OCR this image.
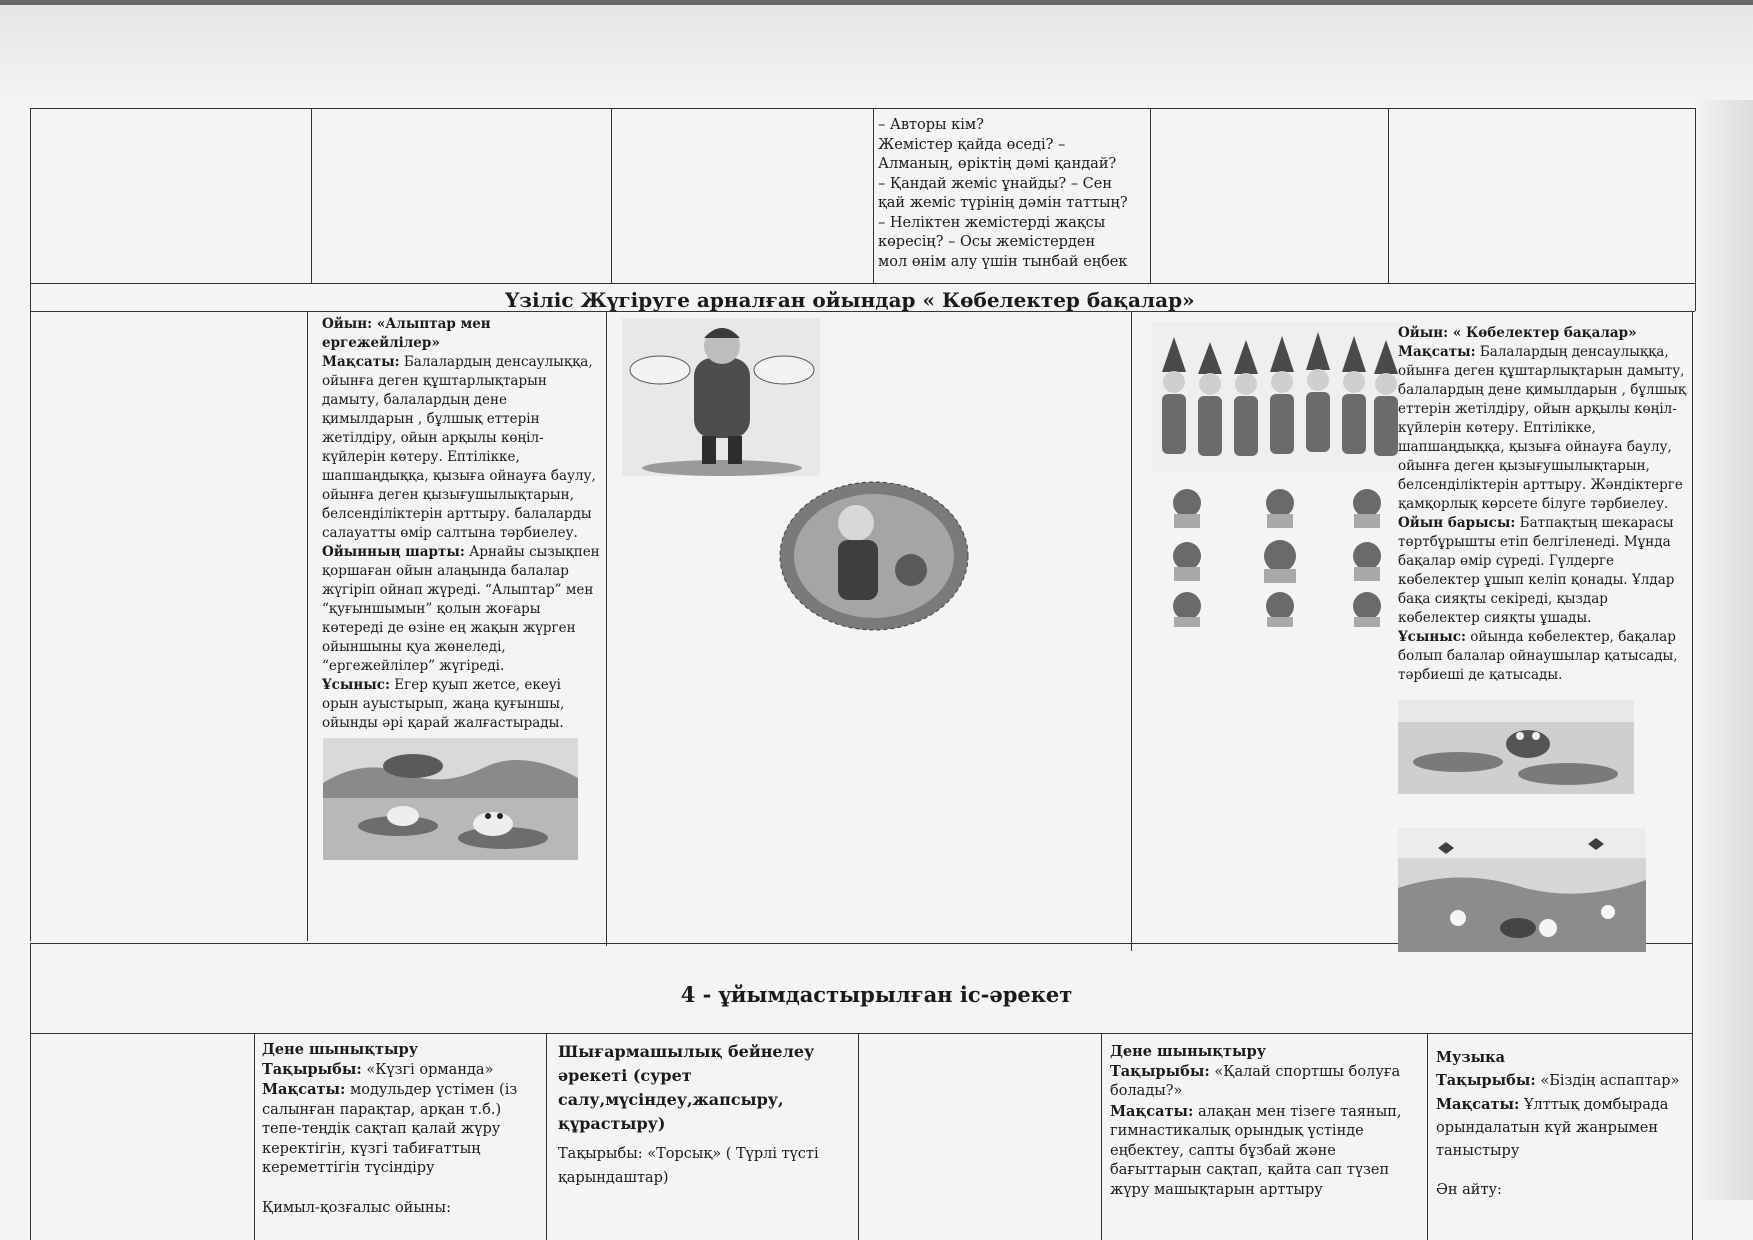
– Авторы кім?
Жемістер қайда өседі? –
Алманың, өріктің дәмі қандай?
– Қандай жеміс ұнайды? – Сен
қай жеміс түрінің дәмін таттың?
– Неліктен жемістерді жақсы
көресің? – Осы жемістерден
мол өнім алу үшін тынбай еңбек
Үзіліс Жүгіруге арналған ойындар « Көбелектер бақалар»

Ойын: «Алыптар мен ергежейлілер»

Мақсаты: Балалардың денсаулыққа, ойынға деген құштарлықтарын дамыту, балалардың дене қимылдарын , бұлшық еттерін жетілдіру, ойын арқылы көңіл-күйлерін көтеру. Ептілікке, шапшаңдыққа, қызыға ойнауға баулу, ойынға деген қызығушылықтарын, белсенділіктерін арттыру. балаларды салауатты өмір салтына тәрбиелеу.

Ойынның шарты: Арнайы сызықпен қоршаған ойын алаңында балалар жүгіріп ойнап жүреді. “Алыптар” мен “қуғыншымын” қолын жоғары көтереді де өзіне ең жақын жүрген ойыншыны қуа жөнеледі, “ергежейлілер” жүгіреді.

Ұсыныс: Егер қуып жетсе, екеуі орын ауыстырып, жаңа қуғыншы, ойынды әрі қарай жалғастырады.

Ойын: « Көбелектер бақалар»

Мақсаты: Балалардың денсаулыққа, ойынға деген құштарлықтарын дамыту, балалардың дене қимылдарын , бұлшық еттерін жетілдіру, ойын арқылы көңіл-күйлерін көтеру. Ептілікке, шапшаңдыққа, қызыға ойнауға баулу, ойынға деген қызығушылықтарын, белсенділіктерін арттыру. Жәндіктерге қамқорлық көрсете білуге тәрбиелеу.

Ойын барысы: Батпақтың шекарасы төртбұрышты етіп белгіленеді. Мұнда бақалар өмір сүреді. Гүлдерге көбелектер ұшып келіп қонады. Ұлдар бақа сияқты секіреді, қыздар көбелектер сияқты ұшады.

Ұсыныс: ойында көбелектер, бақалар болып балалар ойнаушылар қатысады, тәрбиеші де қатысады.

4 - ұйымдастырылған іс-әрекет
Дене шынықтыру
Тақырыбы: «Күзгі орманда»
Мақсаты: модульдер үстімен (із салынған парақтар, арқан т.б.) тепе-теңдік сақтап қалай жүру керектігін, күзгі табиғаттың кереметтігін түсіндіру
Қимыл-қозғалыс ойыны:
Шығармашылық бейнелеу әрекеті (сурет салу,мүсіндеу,жапсыру, құрастыру)
Тақырыбы: «Торсық» ( Түрлі түсті қарындаштар)
Дене шынықтыру
Тақырыбы: «Қалай спортшы болуға болады?»
Мақсаты: алақан мен тізеге таянып, гимнастикалық орындық үстінде еңбектеу, сапты бұзбай және бағыттарын сақтап, қайта сап түзеп жүру машықтарын арттыру
Музыка
Тақырыбы: «Біздің аспаптар»
Мақсаты: Ұлттық домбырада орындалатын күй жанрымен таныстыру
Ән айту:
